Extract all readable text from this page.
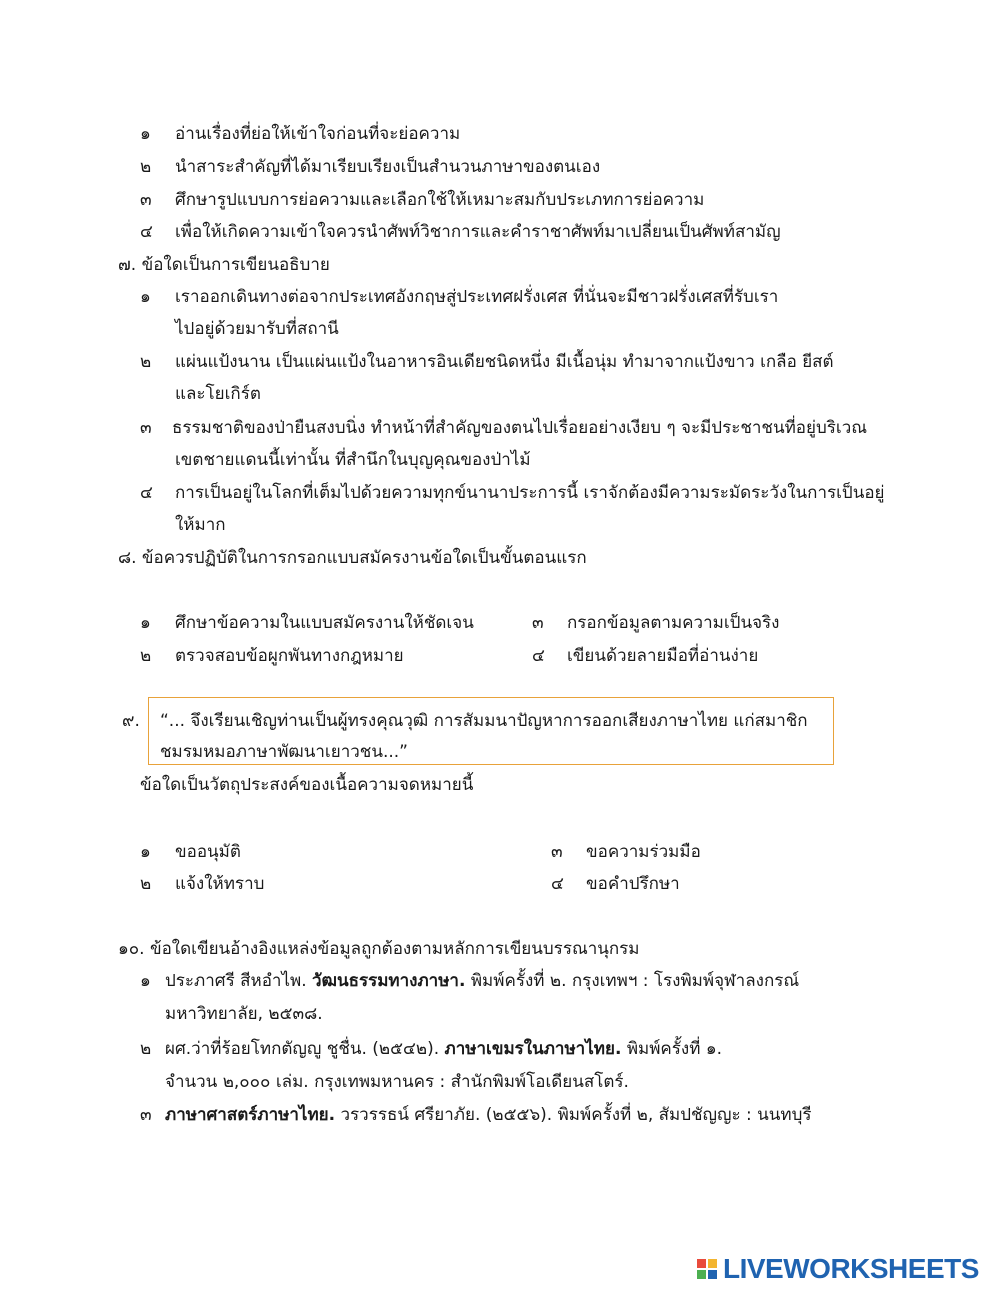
๑ อ่านเรื่องที่ย่อให้เข้าใจก่อนที่จะย่อความ
๒ นำสาระสำคัญที่ได้มาเรียบเรียงเป็นสำนวนภาษาของตนเอง
๓ ศึกษารูปแบบการย่อความและเลือกใช้ให้เหมาะสมกับประเภทการย่อความ
๔ เพื่อให้เกิดความเข้าใจควรนำศัพท์วิชาการและคำราชาศัพท์มาเปลี่ยนเป็นศัพท์สามัญ
๗. ข้อใดเป็นการเขียนอธิบาย
๑ เราออกเดินทางต่อจากประเทศอังกฤษสู่ประเทศฝรั่งเศส ที่นั่นจะมีชาวฝรั่งเศสที่รับเรา
ไปอยู่ด้วยมารับที่สถานี
๒ แผ่นแป้งนาน เป็นแผ่นแป้งในอาหารอินเดียชนิดหนึ่ง มีเนื้อนุ่ม ทำมาจากแป้งขาว เกลือ ยีสต์
และโยเกิร์ต
๓ ธรรมชาติของป่ายืนสงบนิ่ง ทำหน้าที่สำคัญของตนไปเรื่อยอย่างเงียบ ๆ จะมีประชาชนที่อยู่บริเวณ
เขตชายแดนนี้เท่านั้น ที่สำนึกในบุญคุณของป่าไม้
๔ การเป็นอยู่ในโลกที่เต็มไปด้วยความทุกข์นานาประการนี้ เราจักต้องมีความระมัดระวังในการเป็นอยู่
ให้มาก
๘. ข้อควรปฏิบัติในการกรอกแบบสมัครงานข้อใดเป็นขั้นตอนแรก
๑ ศึกษาข้อความในแบบสมัครงานให้ชัดเจน
๒ ตรวจสอบข้อผูกพันทางกฎหมาย
๓ กรอกข้อมูลตามความเป็นจริง
๔ เขียนด้วยลายมือที่อ่านง่าย
๙. “... จึงเรียนเชิญท่านเป็นผู้ทรงคุณวุฒิ การสัมมนาปัญหาการออกเสียงภาษาไทย แก่สมาชิก
ชมรมหมอภาษาพัฒนาเยาวชน...”
ข้อใดเป็นวัตถุประสงค์ของเนื้อความจดหมายนี้
๑ ขออนุมัติ
๒ แจ้งให้ทราบ
๓ ขอความร่วมมือ
๔ ขอคำปรึกษา
๑๐. ข้อใดเขียนอ้างอิงแหล่งข้อมูลถูกต้องตามหลักการเขียนบรรณานุกรม
๑ ประภาศรี สีหอำไพ. วัฒนธรรมทางภาษา. พิมพ์ครั้งที่ ๒. กรุงเทพฯ : โรงพิมพ์จุฬาลงกรณ์
มหาวิทยาลัย, ๒๕๓๘.
๒ ผศ.ว่าที่ร้อยโทกตัญญู ชูชื่น. (๒๕๔๒). ภาษาเขมรในภาษาไทย. พิมพ์ครั้งที่ ๑.
จำนวน ๒,๐๐๐ เล่ม. กรุงเทพมหานคร : สำนักพิมพ์โอเดียนสโตร์.
๓ ภาษาศาสตร์ภาษาไทย. วรวรรธน์ ศรียาภัย. (๒๕๕๖). พิมพ์ครั้งที่ ๒, สัมปชัญญะ : นนทบุรี
LIVEWORKSHEETS
